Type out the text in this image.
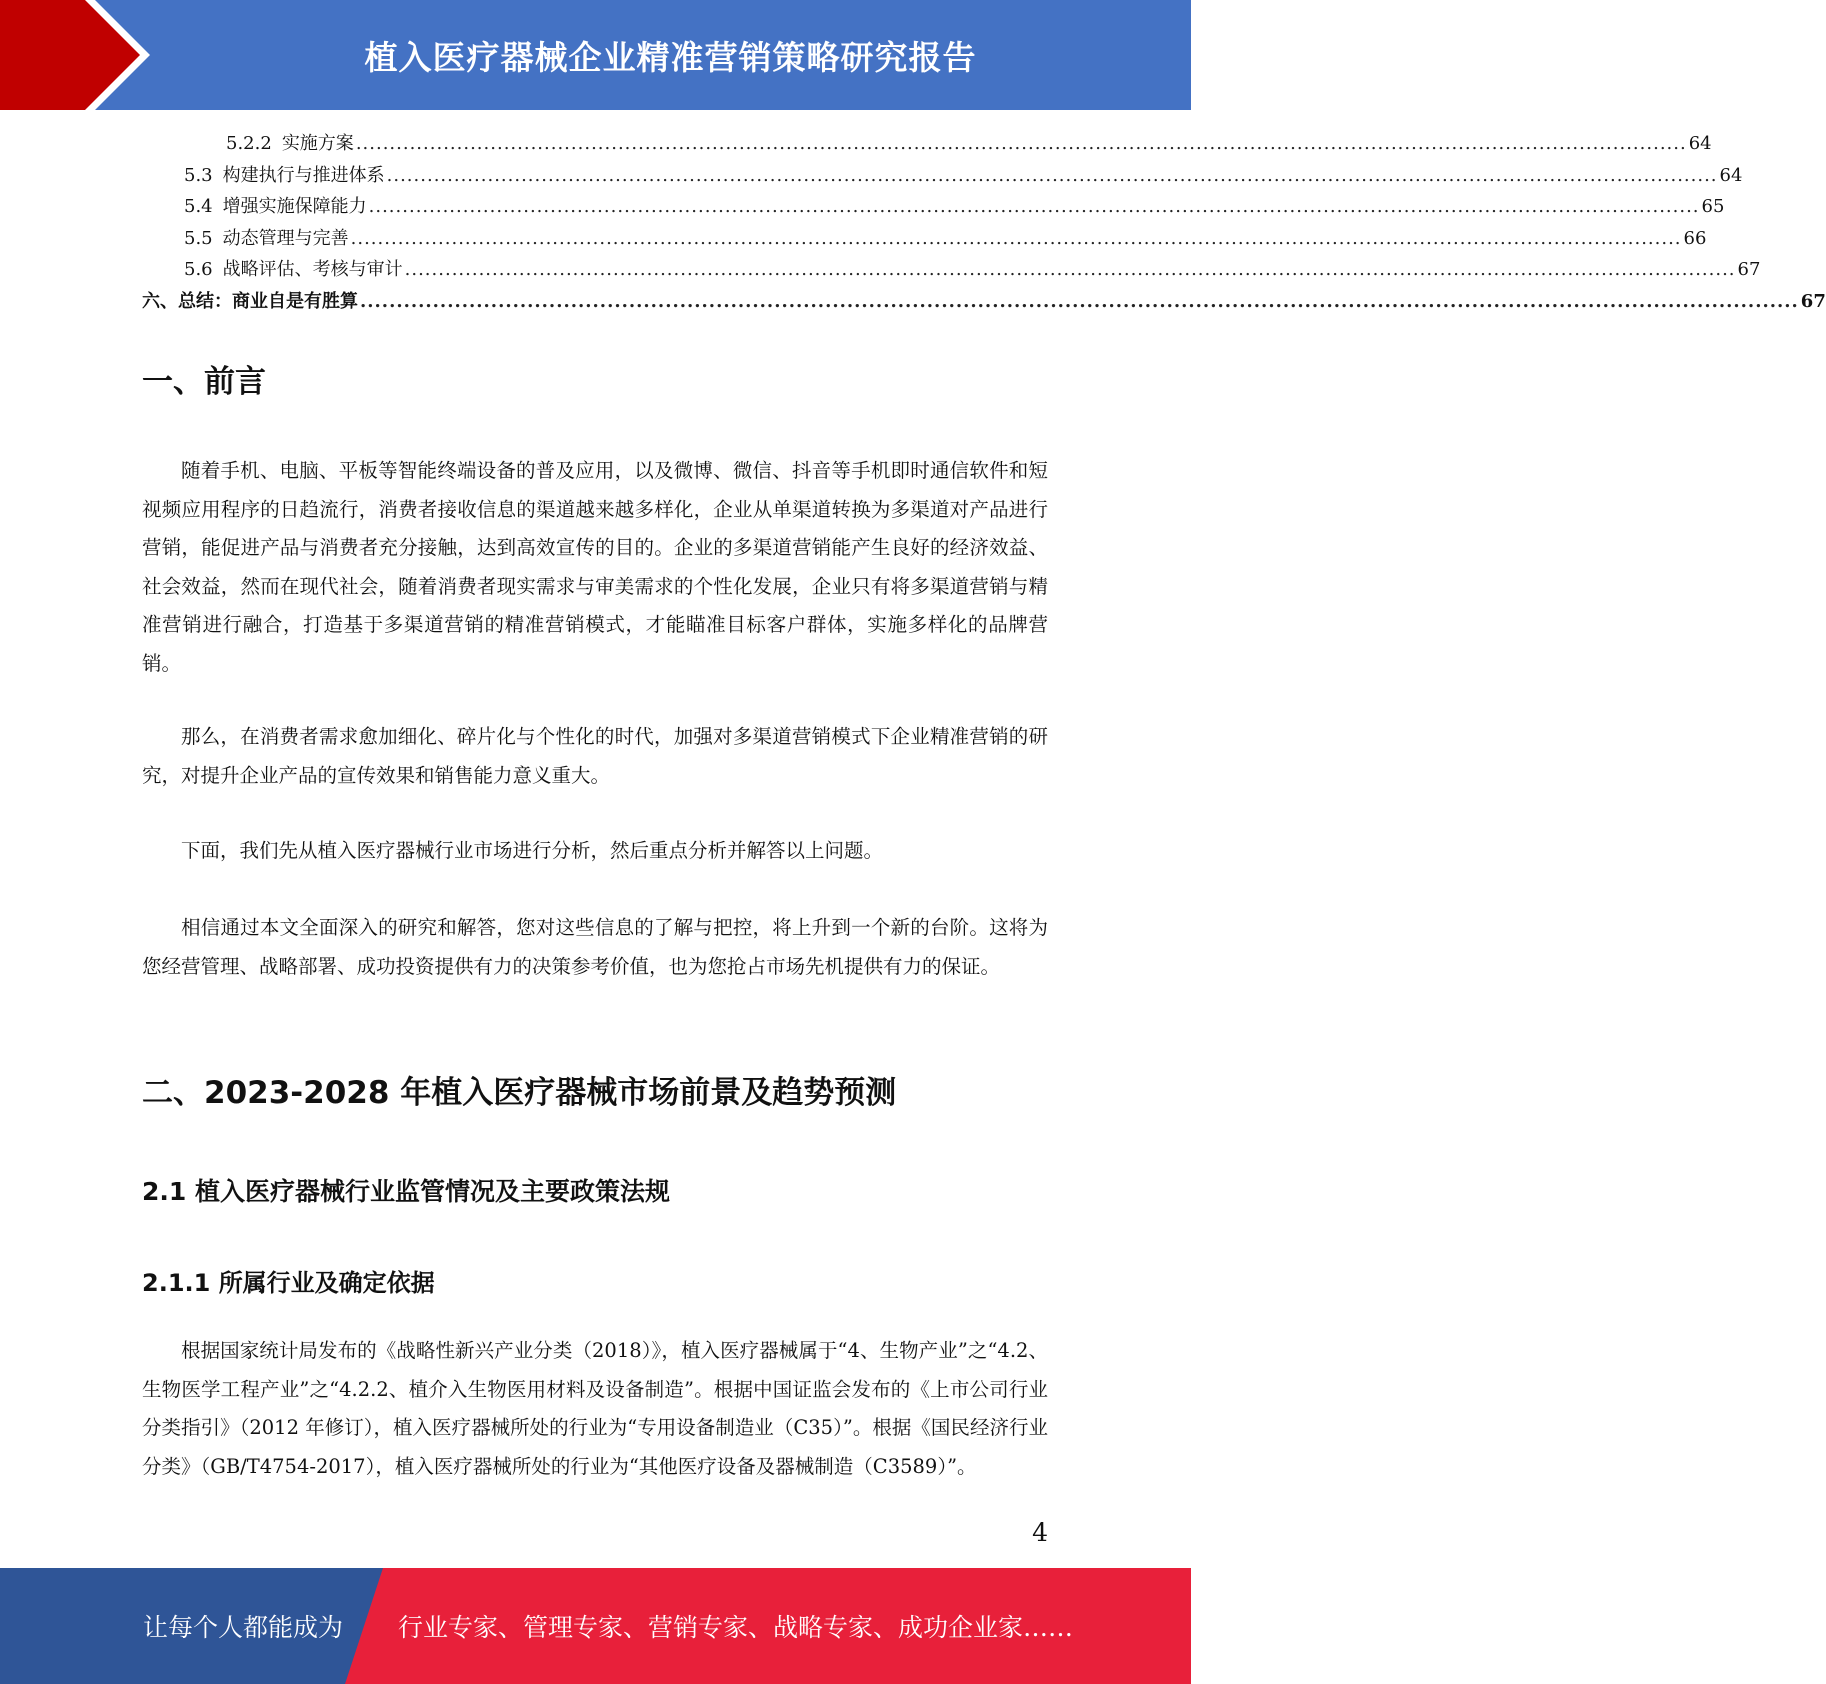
植入医疗器械企业精准营销策略研究报告
5.2.2 实施方案 ...................................................................................................................................................................................................... 64
5.3 构建执行与推进体系 ...................................................................................................................................................................................................... 64
5.4 增强实施保障能力 ...................................................................................................................................................................................................... 65
5.5 动态管理与完善 ...................................................................................................................................................................................................... 66
5.6 战略评估、考核与审计 ...................................................................................................................................................................................................... 67
六、总结：商业自是有胜算 ...................................................................................................................................................................................................... 67
一、前言

随着手机、电脑、平板等智能终端设备的普及应用，以及微博、微信、抖音等手机即时通信软件和短视频应用程序的日趋流行，消费者接收信息的渠道越来越多样化，企业从单渠道转换为多渠道对产品进行营销，能促进产品与消费者充分接触，达到高效宣传的目的。企业的多渠道营销能产生良好的经济效益、社会效益，然而在现代社会，随着消费者现实需求与审美需求的个性化发展，企业只有将多渠道营销与精准营销进行融合，打造基于多渠道营销的精准营销模式，才能瞄准目标客户群体，实施多样化的品牌营销。

那么，在消费者需求愈加细化、碎片化与个性化的时代，加强对多渠道营销模式下企业精准营销的研究，对提升企业产品的宣传效果和销售能力意义重大。

下面，我们先从植入医疗器械行业市场进行分析，然后重点分析并解答以上问题。

相信通过本文全面深入的研究和解答，您对这些信息的了解与把控，将上升到一个新的台阶。这将为您经营管理、战略部署、成功投资提供有力的决策参考价值，也为您抢占市场先机提供有力的保证。

二、2023-2028 年植入医疗器械市场前景及趋势预测
2.1 植入医疗器械行业监管情况及主要政策法规
2.1.1 所属行业及确定依据

根据国家统计局发布的《战略性新兴产业分类（2018）》，植入医疗器械属于“4、生物产业”之“4.2、生物医学工程产业”之“4.2.2、植介入生物医用材料及设备制造”。根据中国证监会发布的《上市公司行业分类指引》（2012 年修订），植入医疗器械所处的行业为“专用设备制造业（C35）”。根据《国民经济行业分类》（GB/T4754-2017），植入医疗器械所处的行业为“其他医疗设备及器械制造（C3589）”。

4
让每个人都能成为 行业专家、管理专家、营销专家、战略专家、成功企业家……
